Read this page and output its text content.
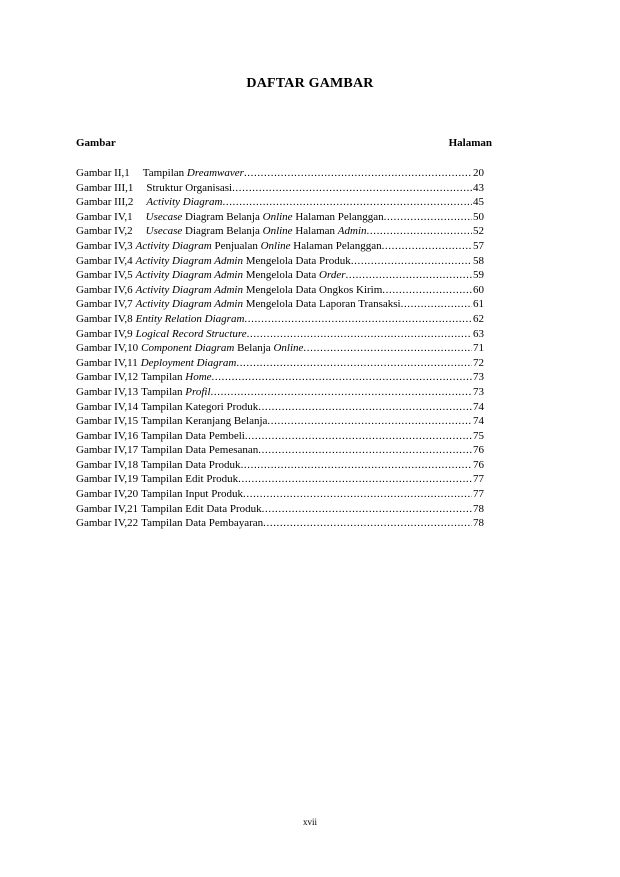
DAFTAR GAMBAR
Gambar	Halaman
Gambar II,1 Tampilan Dreamwaver .....	20
Gambar III,1 Struktur Organisasi .....	43
Gambar III,2 Activity Diagram .....	45
Gambar IV,1 Usecase Diagram Belanja Online Halaman Pelanggan .....	50
Gambar IV,2 Usecase Diagram Belanja Online Halaman Admin .....	52
Gambar IV,3 Activity Diagram Penjualan Online Halaman Pelanggan .....	57
Gambar IV,4 Activity Diagram Admin Mengelola Data Produk .....	58
Gambar IV,5 Activity Diagram Admin Mengelola Data Order .....	59
Gambar IV,6 Activity Diagram Admin Mengelola Data Ongkos Kirim .....	60
Gambar IV,7 Activity Diagram Admin Mengelola Data Laporan Transaksi .....	61
Gambar IV,8 Entity Relation Diagram .....	62
Gambar IV,9 Logical Record Structure .....	63
Gambar IV,10 Component Diagram Belanja Online .....	71
Gambar IV,11 Deployment Diagram .....	72
Gambar IV,12 Tampilan Home .....	73
Gambar IV,13 Tampilan Profil .....	73
Gambar IV,14 Tampilan Kategori Produk .....	74
Gambar IV,15 Tampilan Keranjang Belanja .....	74
Gambar IV,16 Tampilan Data Pembeli .....	75
Gambar IV,17 Tampilan Data Pemesanan .....	76
Gambar IV,18 Tampilan Data Produk .....	76
Gambar IV,19 Tampilan Edit Produk .....	77
Gambar IV,20 Tampilan Input Produk .....	77
Gambar IV,21 Tampilan Edit Data Produk .....	78
Gambar IV,22 Tampilan Data Pembayaran .....	78
xvii
